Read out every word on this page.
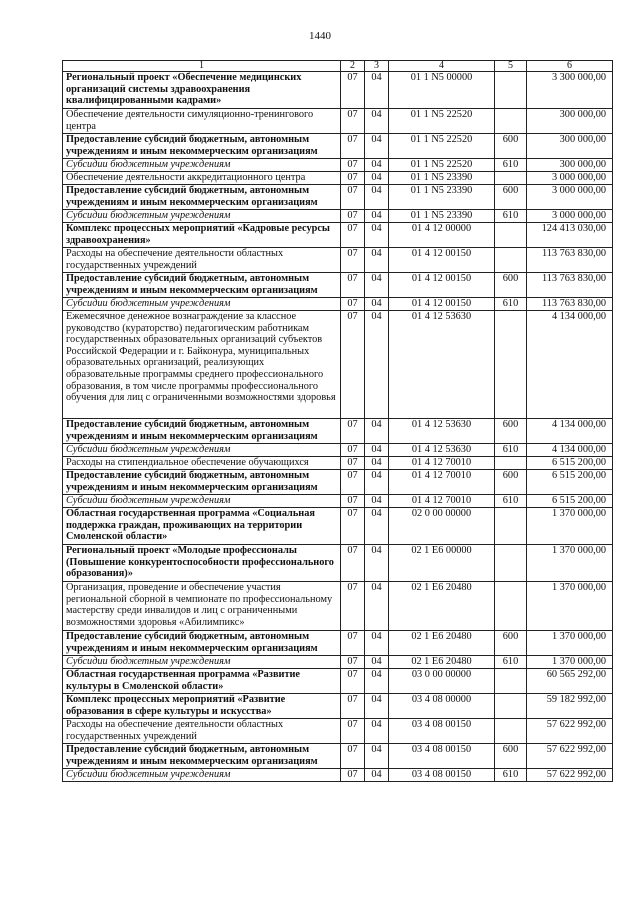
1440
1	2	3	4	5	6
Региональный проект «Обеспечение медицинских организаций системы здравоохранения квалифицированными кадрами»	07	04	01 1 N5 00000		3 300 000,00
Обеспечение деятельности симуляционно-тренингового центра	07	04	01 1 N5 22520		300 000,00
Предоставление субсидий бюджетным, автономным учреждениям и иным некоммерческим организациям	07	04	01 1 N5 22520	600	300 000,00
Субсидии бюджетным учреждениям	07	04	01 1 N5 22520	610	300 000,00
Обеспечение деятельности аккредитационного центра	07	04	01 1 N5 23390		3 000 000,00
Предоставление субсидий бюджетным, автономным учреждениям и иным некоммерческим организациям	07	04	01 1 N5 23390	600	3 000 000,00
Субсидии бюджетным учреждениям	07	04	01 1 N5 23390	610	3 000 000,00
Комплекс процессных мероприятий «Кадровые ресурсы здравоохранения»	07	04	01 4 12 00000		124 413 030,00
Расходы на обеспечение деятельности областных государственных учреждений	07	04	01 4 12 00150		113 763 830,00
Предоставление субсидий бюджетным, автономным учреждениям и иным некоммерческим организациям	07	04	01 4 12 00150	600	113 763 830,00
Субсидии бюджетным учреждениям	07	04	01 4 12 00150	610	113 763 830,00
Ежемесячное денежное вознаграждение за классное руководство (кураторство) педагогическим работникам государственных образовательных организаций субъектов Российской Федерации и г. Байконура, муниципальных образовательных организаций, реализующих образовательные программы среднего профессионального образования, в том числе программы профессионального обучения для лиц с ограниченными возможностями здоровья	07	04	01 4 12 53630		4 134 000,00
Предоставление субсидий бюджетным, автономным учреждениям и иным некоммерческим организациям	07	04	01 4 12 53630	600	4 134 000,00
Субсидии бюджетным учреждениям	07	04	01 4 12 53630	610	4 134 000,00
Расходы на стипендиальное обеспечение обучающихся	07	04	01 4 12 70010		6 515 200,00
Предоставление субсидий бюджетным, автономным учреждениям и иным некоммерческим организациям	07	04	01 4 12 70010	600	6 515 200,00
Субсидии бюджетным учреждениям	07	04	01 4 12 70010	610	6 515 200,00
Областная государственная программа «Социальная поддержка граждан, проживающих на территории Смоленской области»	07	04	02 0 00 00000		1 370 000,00
Региональный проект «Молодые профессионалы (Повышение конкурентоспособности профессионального образования)»	07	04	02 1 Е6 00000		1 370 000,00
Организация, проведение и обеспечение участия региональной сборной в чемпионате по профессиональному мастерству среди инвалидов и лиц с ограниченными возможностями здоровья «Абилимпикс»	07	04	02 1 Е6 20480		1 370 000,00
Предоставление субсидий бюджетным, автономным учреждениям и иным некоммерческим организациям	07	04	02 1 Е6 20480	600	1 370 000,00
Субсидии бюджетным учреждениям	07	04	02 1 Е6 20480	610	1 370 000,00
Областная государственная программа «Развитие культуры в Смоленской области»	07	04	03 0 00 00000		60 565 292,00
Комплекс процессных мероприятий «Развитие образования в сфере культуры и искусства»	07	04	03 4 08 00000		59 182 992,00
Расходы на обеспечение деятельности областных государственных учреждений	07	04	03 4 08 00150		57 622 992,00
Предоставление субсидий бюджетным, автономным учреждениям и иным некоммерческим организациям	07	04	03 4 08 00150	600	57 622 992,00
Субсидии бюджетным учреждениям	07	04	03 4 08 00150	610	57 622 992,00
